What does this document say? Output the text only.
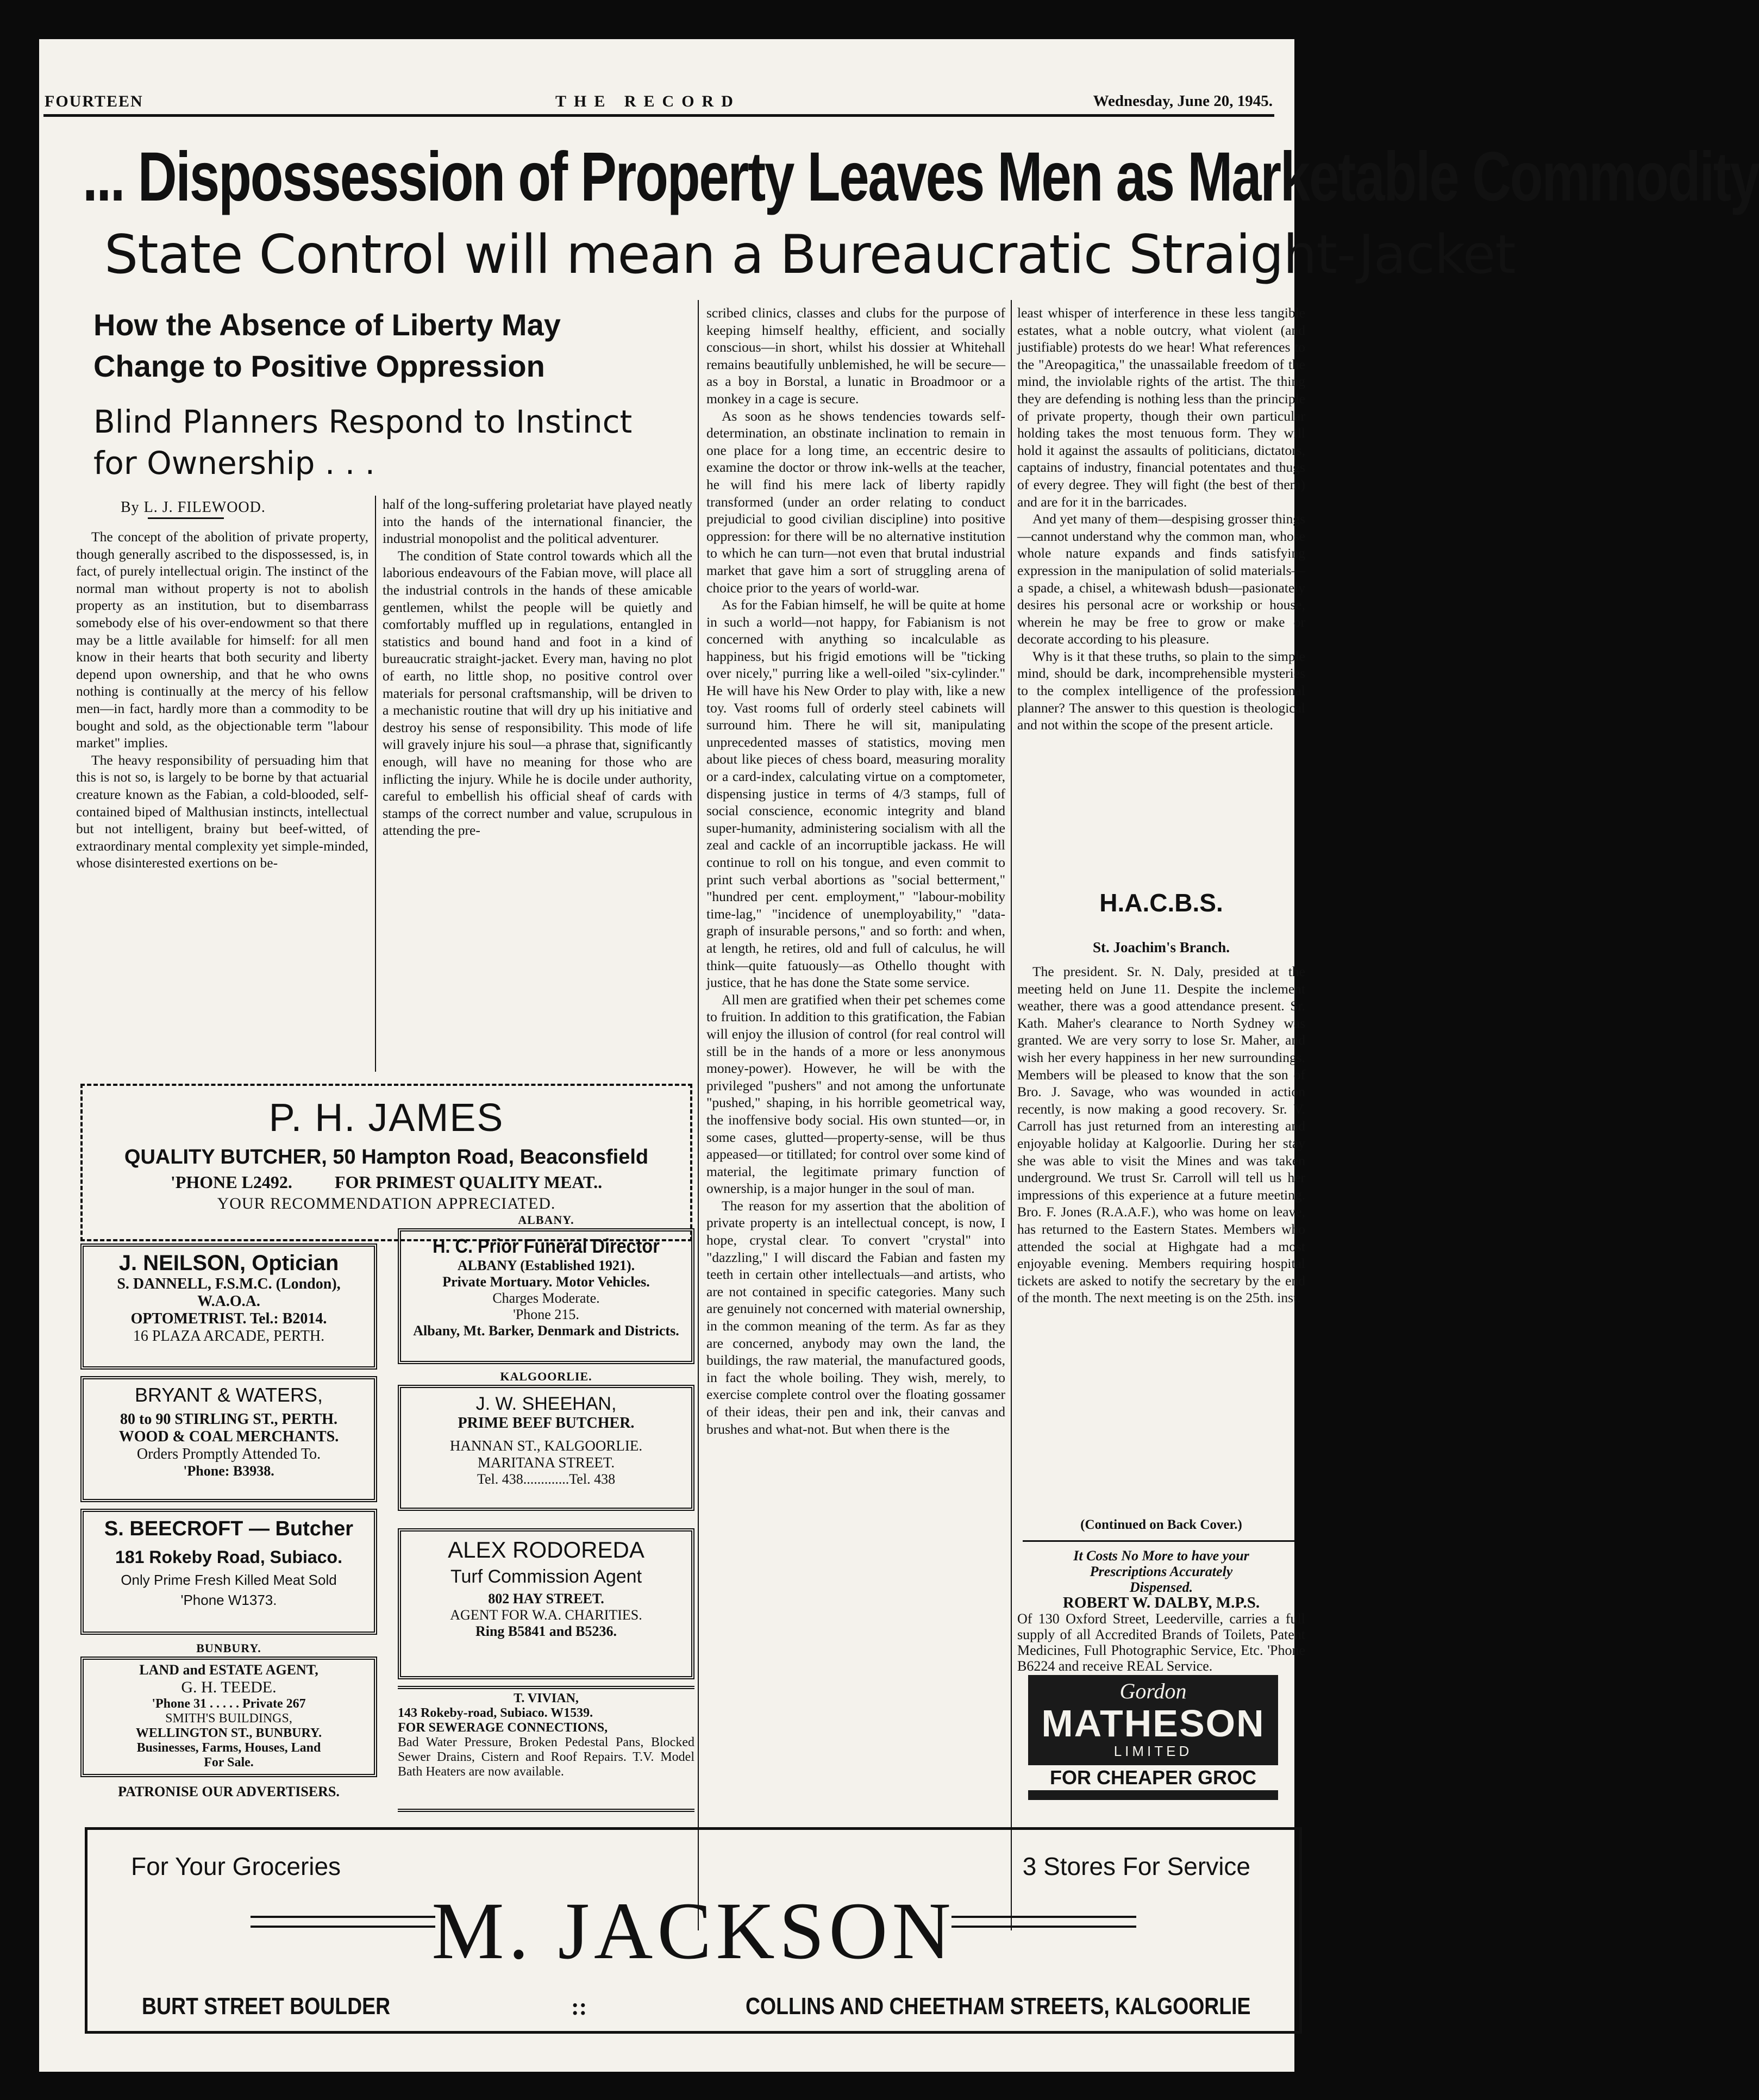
FOURTEEN	THE RECORD	Wednesday, June 20, 1945.
... Dispossession of Property Leaves Men as Marketable Commodity
State Control will mean a Bureaucratic Straight-Jacket
How the Absence of Liberty May Change to Positive Oppression
Blind Planners Respond to Instinct for Ownership . . .
By L. J. FILEWOOD.

The concept of the abolition of private property, though generally ascribed to the dispossessed, is, in fact, of purely intellectual origin. The instinct of the normal man without property is not to abolish property as an institution, but to disembarrass somebody else of his over-endowment so that there may be a little available for himself: for all men know in their hearts that both security and liberty depend upon ownership, and that he who owns nothing is continually at the mercy of his fellow men—in fact, hardly more than a commodity to be bought and sold, as the objectionable term "labour market" implies.

The heavy responsibility of persuading him that this is not so, is largely to be borne by that actuarial creature known as the Fabian, a cold-blooded, self-contained biped of Malthusian instincts, intellectual but not intelligent, brainy but beef-witted, of extraordinary mental complexity yet simple-minded, whose disinterested exertions on be-

half of the long-suffering proletariat have played neatly into the hands of the international financier, the industrial monopolist and the political adventurer.

The condition of State control towards which all the laborious endeavours of the Fabian move, will place all the industrial controls in the hands of these amicable gentlemen, whilst the people will be quietly and comfortably muffled up in regulations, entangled in statistics and bound hand and foot in a kind of bureaucratic straight-jacket. Every man, having no plot of earth, no little shop, no positive control over materials for personal craftsmanship, will be driven to a mechanistic routine that will dry up his initiative and destroy his sense of responsibility. This mode of life will gravely injure his soul—a phrase that, significantly enough, will have no meaning for those who are inflicting the injury. While he is docile under authority, careful to embellish his official sheaf of cards with stamps of the correct number and value, scrupulous in attending the pre-

scribed clinics, classes and clubs for the purpose of keeping himself healthy, efficient, and socially conscious—in short, whilst his dossier at Whitehall remains beautifully unblemished, he will be secure—as a boy in Borstal, a lunatic in Broadmoor or a monkey in a cage is secure.

As soon as he shows tendencies towards self-determination, an obstinate inclination to remain in one place for a long time, an eccentric desire to examine the doctor or throw ink-wells at the teacher, he will find his mere lack of liberty rapidly transformed (under an order relating to conduct prejudicial to good civilian discipline) into positive oppression: for there will be no alternative institution to which he can turn—not even that brutal industrial market that gave him a sort of struggling arena of choice prior to the years of world-war.

As for the Fabian himself, he will be quite at home in such a world—not happy, for Fabianism is not concerned with anything so incalculable as happiness, but his frigid emotions will be "ticking over nicely," purring like a well-oiled "six-cylinder." He will have his New Order to play with, like a new toy. Vast rooms full of orderly steel cabinets will surround him. There he will sit, manipulating unprecedented masses of statistics, moving men about like pieces of chess board, measuring morality or a card-index, calculating virtue on a comptometer, dispensing justice in terms of 4/3 stamps, full of social conscience, economic integrity and bland super-humanity, administering socialism with all the zeal and cackle of an incorruptible jackass. He will continue to roll on his tongue, and even commit to print such verbal abortions as "social betterment," "hundred per cent. employment," "labour-mobility time-lag," "incidence of unemployability," "data-graph of insurable persons," and so forth: and when, at length, he retires, old and full of calculus, he will think—quite fatuously—as Othello thought with justice, that he has done the State some service.

All men are gratified when their pet schemes come to fruition. In addition to this gratification, the Fabian will enjoy the illusion of control (for real control will still be in the hands of a more or less anonymous money-power). However, he will be with the privileged "pushers" and not among the unfortunate "pushed," shaping, in his horrible geometrical way, the inoffensive body social. His own stunted—or, in some cases, glutted—property-sense, will be thus appeased—or titillated; for control over some kind of material, the legitimate primary function of ownership, is a major hunger in the soul of man.

The reason for my assertion that the abolition of private property is an intellectual concept, is now, I hope, crystal clear. To convert "crystal" into "dazzling," I will discard the Fabian and fasten my teeth in certain other intellectuals—and artists, who are not contained in specific categories. Many such are genuinely not concerned with material ownership, in the common meaning of the term. As far as they are concerned, anybody may own the land, the buildings, the raw material, the manufactured goods, in fact the whole boiling. They wish, merely, to exercise complete control over the floating gossamer of their ideas, their pen and ink, their canvas and brushes and what-not. But when there is the

least whisper of interference in these less tangible estates, what a noble outcry, what violent (and justifiable) protests do we hear! What references to the "Areopagitica," the unassailable freedom of the mind, the inviolable rights of the artist. The thing they are defending is nothing less than the principle of private property, though their own particular holding takes the most tenuous form. They will hold it against the assaults of politicians, dictators, captains of industry, financial potentates and thugs of every degree. They will fight (the best of them) and are for it in the barricades.

And yet many of them—despising grosser things—cannot understand why the common man, whose whole nature expands and finds satisfying expression in the manipulation of solid materials—a spade, a chisel, a whitewash bdush—pasionately desires his personal acre or workship or house, wherein he may be free to grow or make or decorate according to his pleasure.

Why is it that these truths, so plain to the simple mind, should be dark, incomprehensible mysteries to the complex intelligence of the professional planner? The answer to this question is theological and not within the scope of the present article.

H.A.C.B.S.
St. Joachim's Branch.

The president. Sr. N. Daly, presided at the meeting held on June 11. Despite the inclement weather, there was a good attendance present. Sr. Kath. Maher's clearance to North Sydney was granted. We are very sorry to lose Sr. Maher, and wish her every happiness in her new surroundings. Members will be pleased to know that the son of Bro. J. Savage, who was wounded in action recently, is now making a good recovery. Sr. V. Carroll has just returned from an interesting and enjoyable holiday at Kalgoorlie. During her stay she was able to visit the Mines and was taken underground. We trust Sr. Carroll will tell us her impressions of this experience at a future meeting. Bro. F. Jones (R.A.A.F.), who was home on leave, has returned to the Eastern States. Members who attended the social at Highgate had a most enjoyable evening. Members requiring hospital tickets are asked to notify the secretary by the end of the month. The next meeting is on the 25th. inst.

(Continued on Back Cover.)
It Costs No More to have your
Prescriptions Accurately
Dispensed.
ROBERT W. DALBY, M.P.S.
Of 130 Oxford Street, Leederville, carries a full supply of all Accredited Brands of Toilets, Patent Medicines, Full Photographic Service, Etc. 'Phone B6224 and receive REAL Service.
Gordon
MATHESON
LIMITED
FOR CHEAPER GROC
P. H. JAMES
QUALITY BUTCHER, 50 Hampton Road, Beaconsfield
'PHONE L2492. FOR PRIMEST QUALITY MEAT..
YOUR RECOMMENDATION APPRECIATED.
J. NEILSON, Optician
S. DANNELL, F.S.M.C. (London),
W.A.O.A.
OPTOMETRIST. Tel.: B2014.
16 PLAZA ARCADE, PERTH.
BRYANT & WATERS,
80 to 90 STIRLING ST., PERTH.
WOOD & COAL MERCHANTS.
Orders Promptly Attended To.
'Phone: B3938.
S. BEECROFT — Butcher
181 Rokeby Road, Subiaco.
Only Prime Fresh Killed Meat Sold
'Phone W1373.
BUNBURY.
LAND and ESTATE AGENT,
G. H. TEEDE.
'Phone 31 . . . . . Private 267
SMITH'S BUILDINGS,
WELLINGTON ST., BUNBURY.
Businesses, Farms, Houses, Land
For Sale.
PATRONISE OUR ADVERTISERS.
ALBANY.
H. C. Prior Funeral Director
ALBANY (Established 1921).
Private Mortuary. Motor Vehicles.
Charges Moderate.
'Phone 215.
Albany, Mt. Barker, Denmark and Districts.
KALGOORLIE.
J. W. SHEEHAN,
PRIME BEEF BUTCHER.
HANNAN ST., KALGOORLIE.
MARITANA STREET.
Tel. 438.............Tel. 438
ALEX RODOREDA
Turf Commission Agent
802 HAY STREET.
AGENT FOR W.A. CHARITIES.
Ring B5841 and B5236.
T. VIVIAN,
143 Rokeby-road, Subiaco. W1539.
FOR SEWERAGE CONNECTIONS,
Bad Water Pressure, Broken Pedestal Pans, Blocked Sewer Drains, Cistern and Roof Repairs. T.V. Model Bath Heaters are now available.
For Your Groceries	3 Stores For Service
M. JACKSON
BURT STREET BOULDER	::	COLLINS AND CHEETHAM STREETS, KALGOORLIE
